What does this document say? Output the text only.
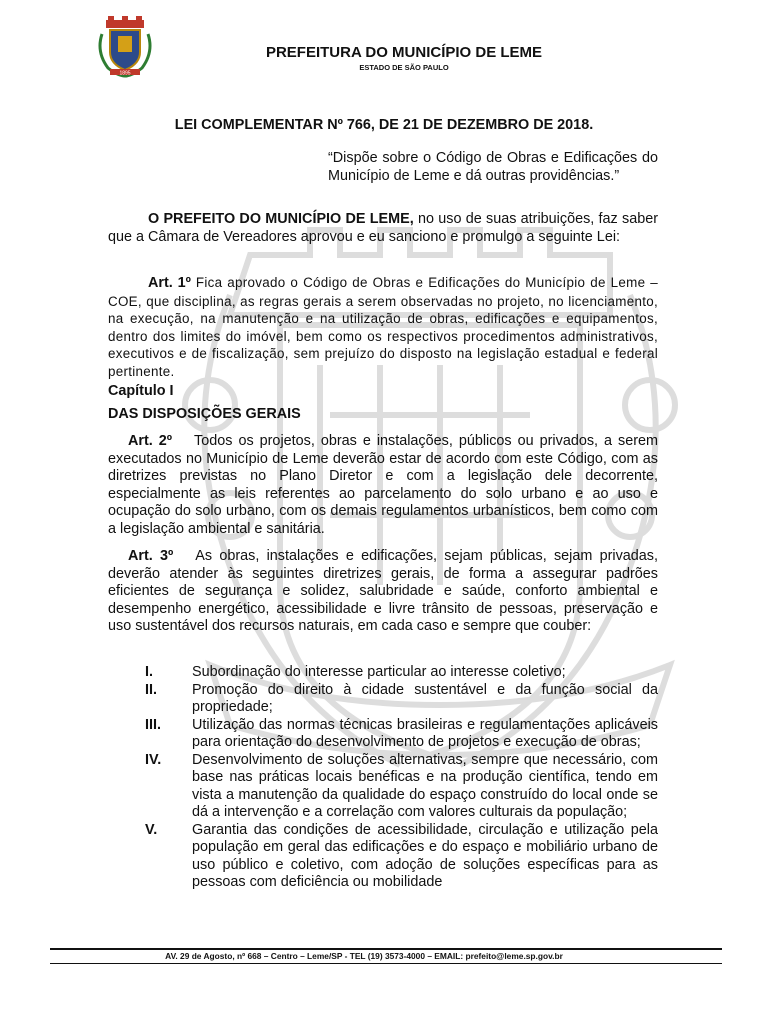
1895
PREFEITURA DO MUNICÍPIO DE LEME
ESTADO DE SÃO PAULO
LEI COMPLEMENTAR Nº 766, DE 21 DE DEZEMBRO DE 2018.
“Dispõe sobre o Código de Obras e Edificações do Município de Leme e dá outras providências.”
O PREFEITO DO MUNICÍPIO DE LEME, no uso de suas atribuições, faz saber que a Câmara de Vereadores aprovou e eu sanciono e promulgo a seguinte Lei:
Art. 1º Fica aprovado o Código de Obras e Edificações do Município de Leme – COE, que disciplina, as regras gerais a serem observadas no projeto, no licenciamento, na execução, na manutenção e na utilização de obras, edificações e equipamentos, dentro dos limites do imóvel, bem como os respectivos procedimentos administrativos, executivos e de fiscalização, sem prejuízo do disposto na legislação estadual e federal pertinente.
Capítulo I
DAS DISPOSIÇÕES GERAIS
Art. 2º Todos os projetos, obras e instalações, públicos ou privados, a serem executados no Município de Leme deverão estar de acordo com este Código, com as diretrizes previstas no Plano Diretor e com a legislação dele decorrente, especialmente as leis referentes ao parcelamento do solo urbano e ao uso e ocupação do solo urbano, com os demais regulamentos urbanísticos, bem como com a legislação ambiental e sanitária.
Art. 3º As obras, instalações e edificações, sejam públicas, sejam privadas, deverão atender às seguintes diretrizes gerais, de forma a assegurar padrões eficientes de segurança e solidez, salubridade e saúde, conforto ambiental e desempenho energético, acessibilidade e livre trânsito de pessoas, preservação e uso sustentável dos recursos naturais, em cada caso e sempre que couber:
I.	Subordinação do interesse particular ao interesse coletivo;
II.	Promoção do direito à cidade sustentável e da função social da propriedade;
III.	Utilização das normas técnicas brasileiras e regulamentações aplicáveis para orientação do desenvolvimento de projetos e execução de obras;
IV.	Desenvolvimento de soluções alternativas, sempre que necessário, com base nas práticas locais benéficas e na produção científica, tendo em vista a manutenção da qualidade do espaço construído do local onde se dá a intervenção e a correlação com valores culturais da população;
V.	Garantia das condições de acessibilidade, circulação e utilização pela população em geral das edificações e do espaço e mobiliário urbano de uso público e coletivo, com adoção de soluções específicas para as pessoas com deficiência ou mobilidade
AV. 29 de Agosto, nº 668 – Centro – Leme/SP - TEL (19) 3573-4000 – EMAIL: prefeito@leme.sp.gov.br
